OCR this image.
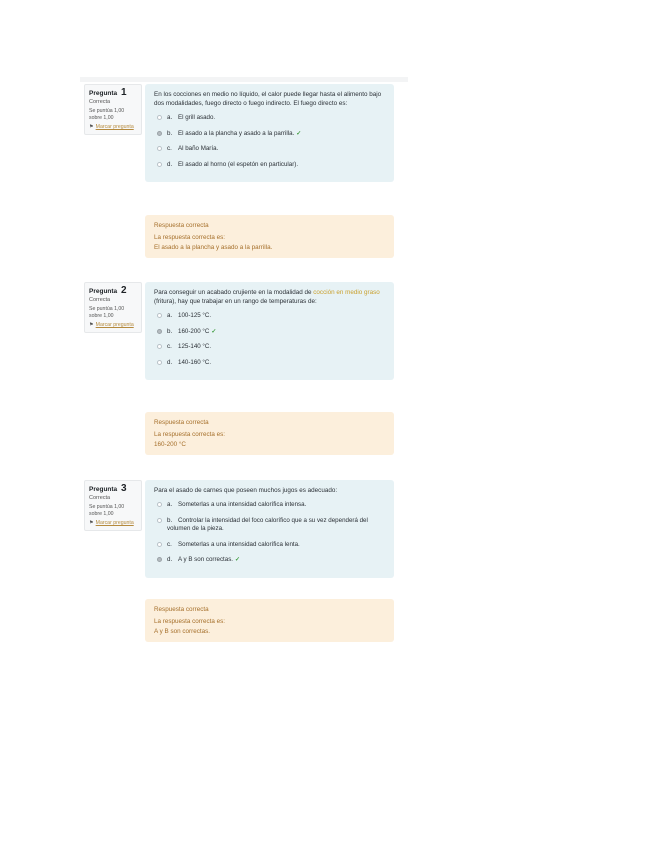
Pregunta 1
Correcta
Se puntúa 1,00 sobre 1,00
⚑ Marcar pregunta

En los cocciones en medio no líquido, el calor puede llegar hasta el alimento bajo dos modalidades, fuego directo o fuego indirecto. El fuego directo es:

a. El grill asado.
b. El asado a la plancha y asado a la parrilla. ✓
c. Al baño María.
d. El asado al horno (el espetón en particular).
Respuesta correcta
La respuesta correcta es:
El asado a la plancha y asado a la parrilla.
Pregunta 2
Correcta
Se puntúa 1,00 sobre 1,00
⚑ Marcar pregunta

Para conseguir un acabado crujiente en la modalidad de cocción en medio graso (fritura), hay que trabajar en un rango de temperaturas de:

a. 100-125 °C.
b. 160-200 °C ✓
c. 125-140 °C.
d. 140-160 °C.
Respuesta correcta
La respuesta correcta es:
160-200 °C
Pregunta 3
Correcta
Se puntúa 1,00 sobre 1,00
⚑ Marcar pregunta

Para el asado de carnes que poseen muchos jugos es adecuado:

a. Someterlas a una intensidad calorífica intensa.
b. Controlar la intensidad del foco calorífico que a su vez dependerá del volumen de la pieza.
c. Someterlas a una intensidad calorífica lenta.
d. A y B son correctas. ✓
Respuesta correcta
La respuesta correcta es:
A y B son correctas.
